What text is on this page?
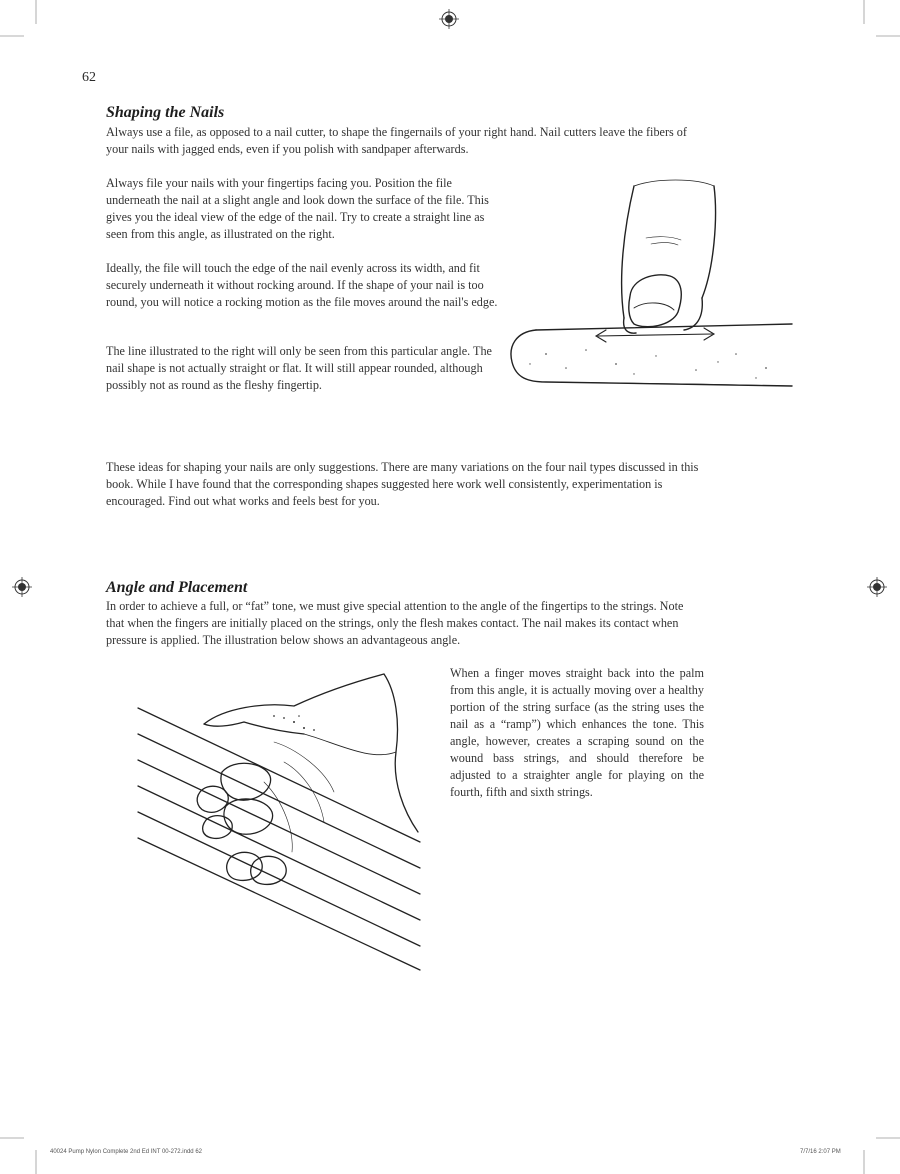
62
Shaping the Nails

Always use a file, as opposed to a nail cutter, to shape the fingernails of your right hand. Nail cutters leave the fibers of your nails with jagged ends, even if you polish with sandpaper afterwards.

Always file your nails with your fingertips facing you. Position the file underneath the nail at a slight angle and look down the surface of the file. This gives you the ideal view of the edge of the nail. Try to create a straight line as seen from this angle, as illustrated on the right.

Ideally, the file will touch the edge of the nail evenly across its width, and fit securely underneath it without rocking around. If the shape of your nail is too round, you will notice a rocking motion as the file moves around the nail's edge.

The line illustrated to the right will only be seen from this particular angle. The nail shape is not actually straight or flat. It will still appear rounded, although possibly not as round as the fleshy fingertip.

These ideas for shaping your nails are only suggestions. There are many variations on the four nail types discussed in this book. While I have found that the corresponding shapes suggested here work well consistently, experimentation is encouraged. Find out what works and feels best for you.

Angle and Placement

In order to achieve a full, or “fat” tone, we must give special attention to the angle of the fingertips to the strings. Note that when the fingers are initially placed on the strings, only the flesh makes contact. The nail makes its contact when pressure is applied. The illustration below shows an advantageous angle.

When a finger moves straight back into the palm from this angle, it is actually moving over a healthy portion of the string surface (as the string uses the nail as a “ramp”) which enhances the tone. This angle, however, creates a scraping sound on the wound bass strings, and should therefore be adjusted to a straighter angle for playing on the fourth, fifth and sixth strings.

40024 Pump Nylon Complete 2nd Ed INT 00-272.indd 62	7/7/16 2:07 PM
